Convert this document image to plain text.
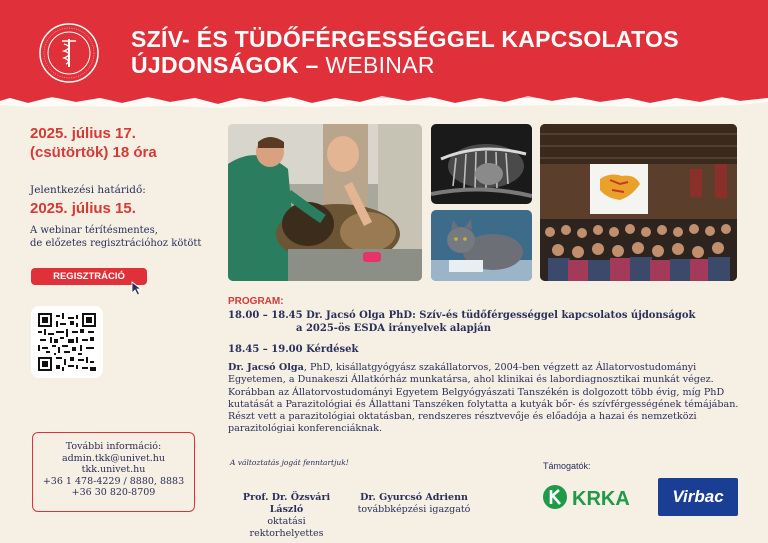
SZÍV- ÉS TÜDŐFÉRGESSÉGGEL KAPCSOLATOS
ÚJDONSÁGOK – WEBINAR
2025. július 17.
(csütörtök) 18 óra

Jelentkezési határidő:

2025. július 15.

A webinar térítésmentes,
de előzetes regisztrációhoz kötött
REGISZTRÁCIÓ
További információ:
admin.tkk@univet.hu
tkk.univet.hu
+36 1 478-4229 / 8880, 8883
+36 30 820-8709

PROGRAM:

18.00 – 18.45 Dr. Jacsó Olga PhD: Szív-és tüdőférgességgel kapcsolatos újdonságok
a 2025-ös ESDA irányelvek alapján

18.45 – 19.00 Kérdések

Dr. Jacsó Olga, PhD, kisállatgyógyász szakállatorvos, 2004-ben végzett az Állatorvostudományi Egyetemen, a Dunakeszi Állatkórház munkatársa, ahol klinikai és labordiagnosztikai munkát végez. Korábban az Állatorvostudományi Egyetem Belgyógyászati Tanszékén is dolgozott több évig, míg PhD kutatását a Parazitológiai és Állattani Tanszéken folytatta a kutyák bőr- és szívférgességének témájában. Részt vett a parazitológiai oktatásban, rendszeres résztvevője és előadója a hazai és nemzetközi parazitológiai konferenciáknak.

A változtatás jogát fenntartjuk!

Prof. Dr. Özsvári László
oktatási rektorhelyettes
Dr. Gyurcsó Adrienn
továbbképzési igazgató

Támogatók:

KRKA	Virbac
